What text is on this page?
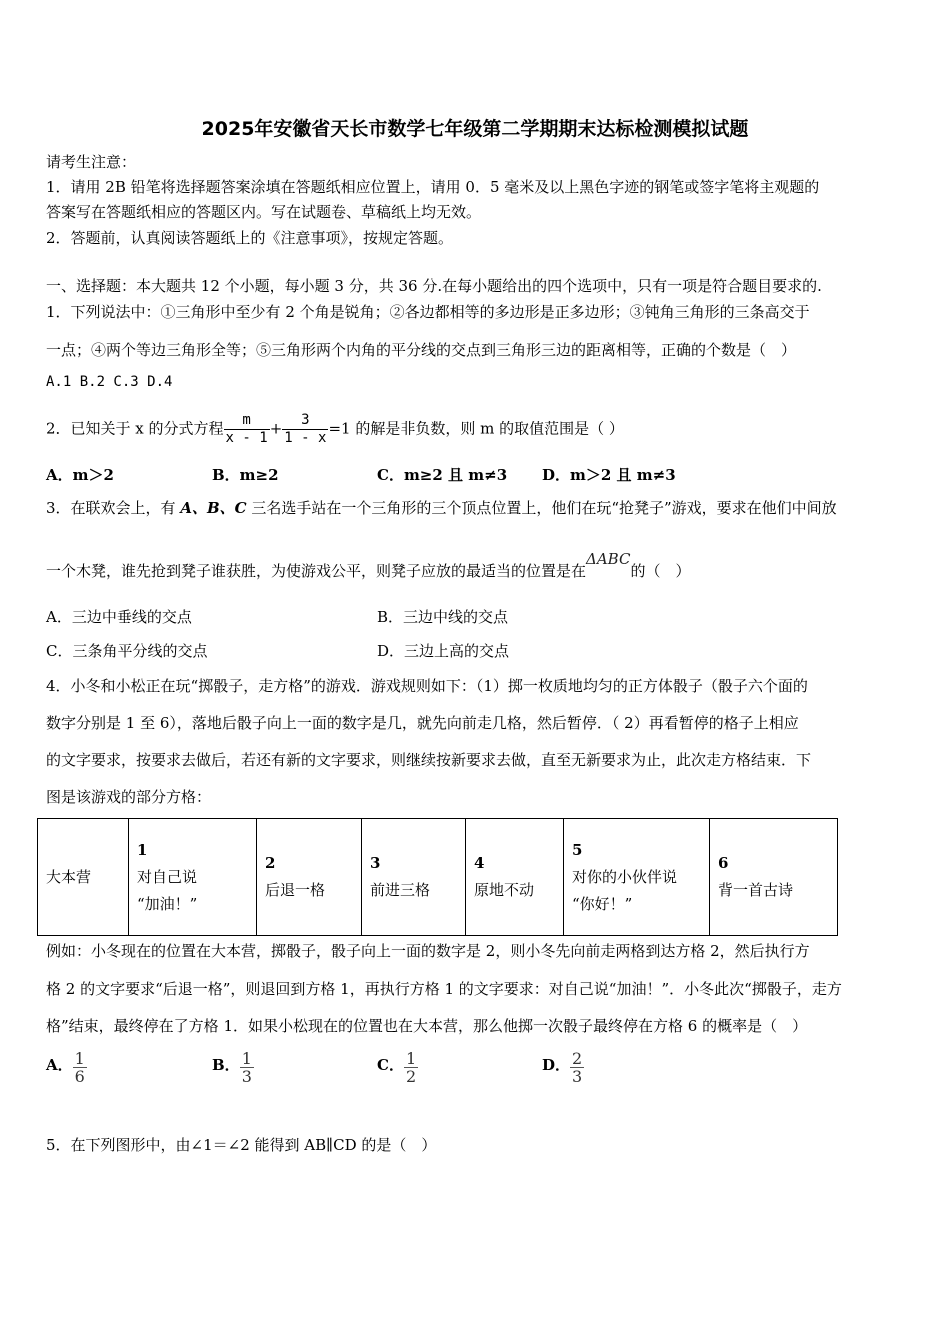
2025年安徽省天长市数学七年级第二学期期末达标检测模拟试题
请考生注意：
1．请用 2B 铅笔将选择题答案涂填在答题纸相应位置上，请用 0．5 毫米及以上黑色字迹的钢笔或签字笔将主观题的
答案写在答题纸相应的答题区内。写在试题卷、草稿纸上均无效。
2．答题前，认真阅读答题纸上的《注意事项》，按规定答题。
一、选择题：本大题共 12 个小题，每小题 3 分，共 36 分.在每小题给出的四个选项中，只有一项是符合题目要求的.
1．下列说法中：①三角形中至少有 2 个角是锐角；②各边都相等的多边形是正多边形；③钝角三角形的三条高交于
一点；④两个等边三角形全等；⑤三角形两个内角的平分线的交点到三角形三边的距离相等，正确的个数是（　）
A.1 B.2 C.3 D.4
2．已知关于 x 的分式方程 $\frac{m}{x - 1} + \frac{3}{1 - x} =1$ 的解是非负数，则 m 的取值范围是（ ）
A．m＞2	B．m≥2	C．m≥2 且 m≠3 D．m＞2 且 m≠3
3．在联欢会上，有 A、B、C 三名选手站在一个三角形的三个顶点位置上，他们在玩“抢凳子”游戏，要求在他们中间放
一个木凳，谁先抢到凳子谁获胜，为使游戏公平，则凳子应放的最适当的位置是在ΔABC的（　）
A．三边中垂线的交点	B．三边中线的交点
C．三条角平分线的交点	D．三边上高的交点
4．小冬和小松正在玩“掷骰子，走方格”的游戏．游戏规则如下：（1）掷一枚质地均匀的正方体骰子（骰子六个面的
数字分别是 1 至 6），落地后骰子向上一面的数字是几，就先向前走几格，然后暂停．（ 2）再看暂停的格子上相应
的文字要求，按要求去做后，若还有新的文字要求，则继续按新要求去做，直至无新要求为止，此次走方格结束．下
图是该游戏的部分方格：
大本营

1
对自己说
“加油！”

2
后退一格

3
前进三格

4
原地不动

5
对你的小伙伴说
“你好！”

6
背一首古诗
例如：小冬现在的位置在大本营，掷骰子，骰子向上一面的数字是 2，则小冬先向前走两格到达方格 2，然后执行方
格 2 的文字要求“后退一格”，则退回到方格 1，再执行方格 1 的文字要求：对自己说“加油！”．小冬此次“掷骰子，走方
格”结束，最终停在了方格 1．如果小松现在的位置也在大本营，那么他掷一次骰子最终停在方格 6 的概率是（　）
A． $\frac{1}{6}$	B． $\frac{1}{3}$	C． $\frac{1}{2}$	D． $\frac{2}{3}$
5．在下列图形中，由∠1＝∠2 能得到 AB∥CD 的是（　）
